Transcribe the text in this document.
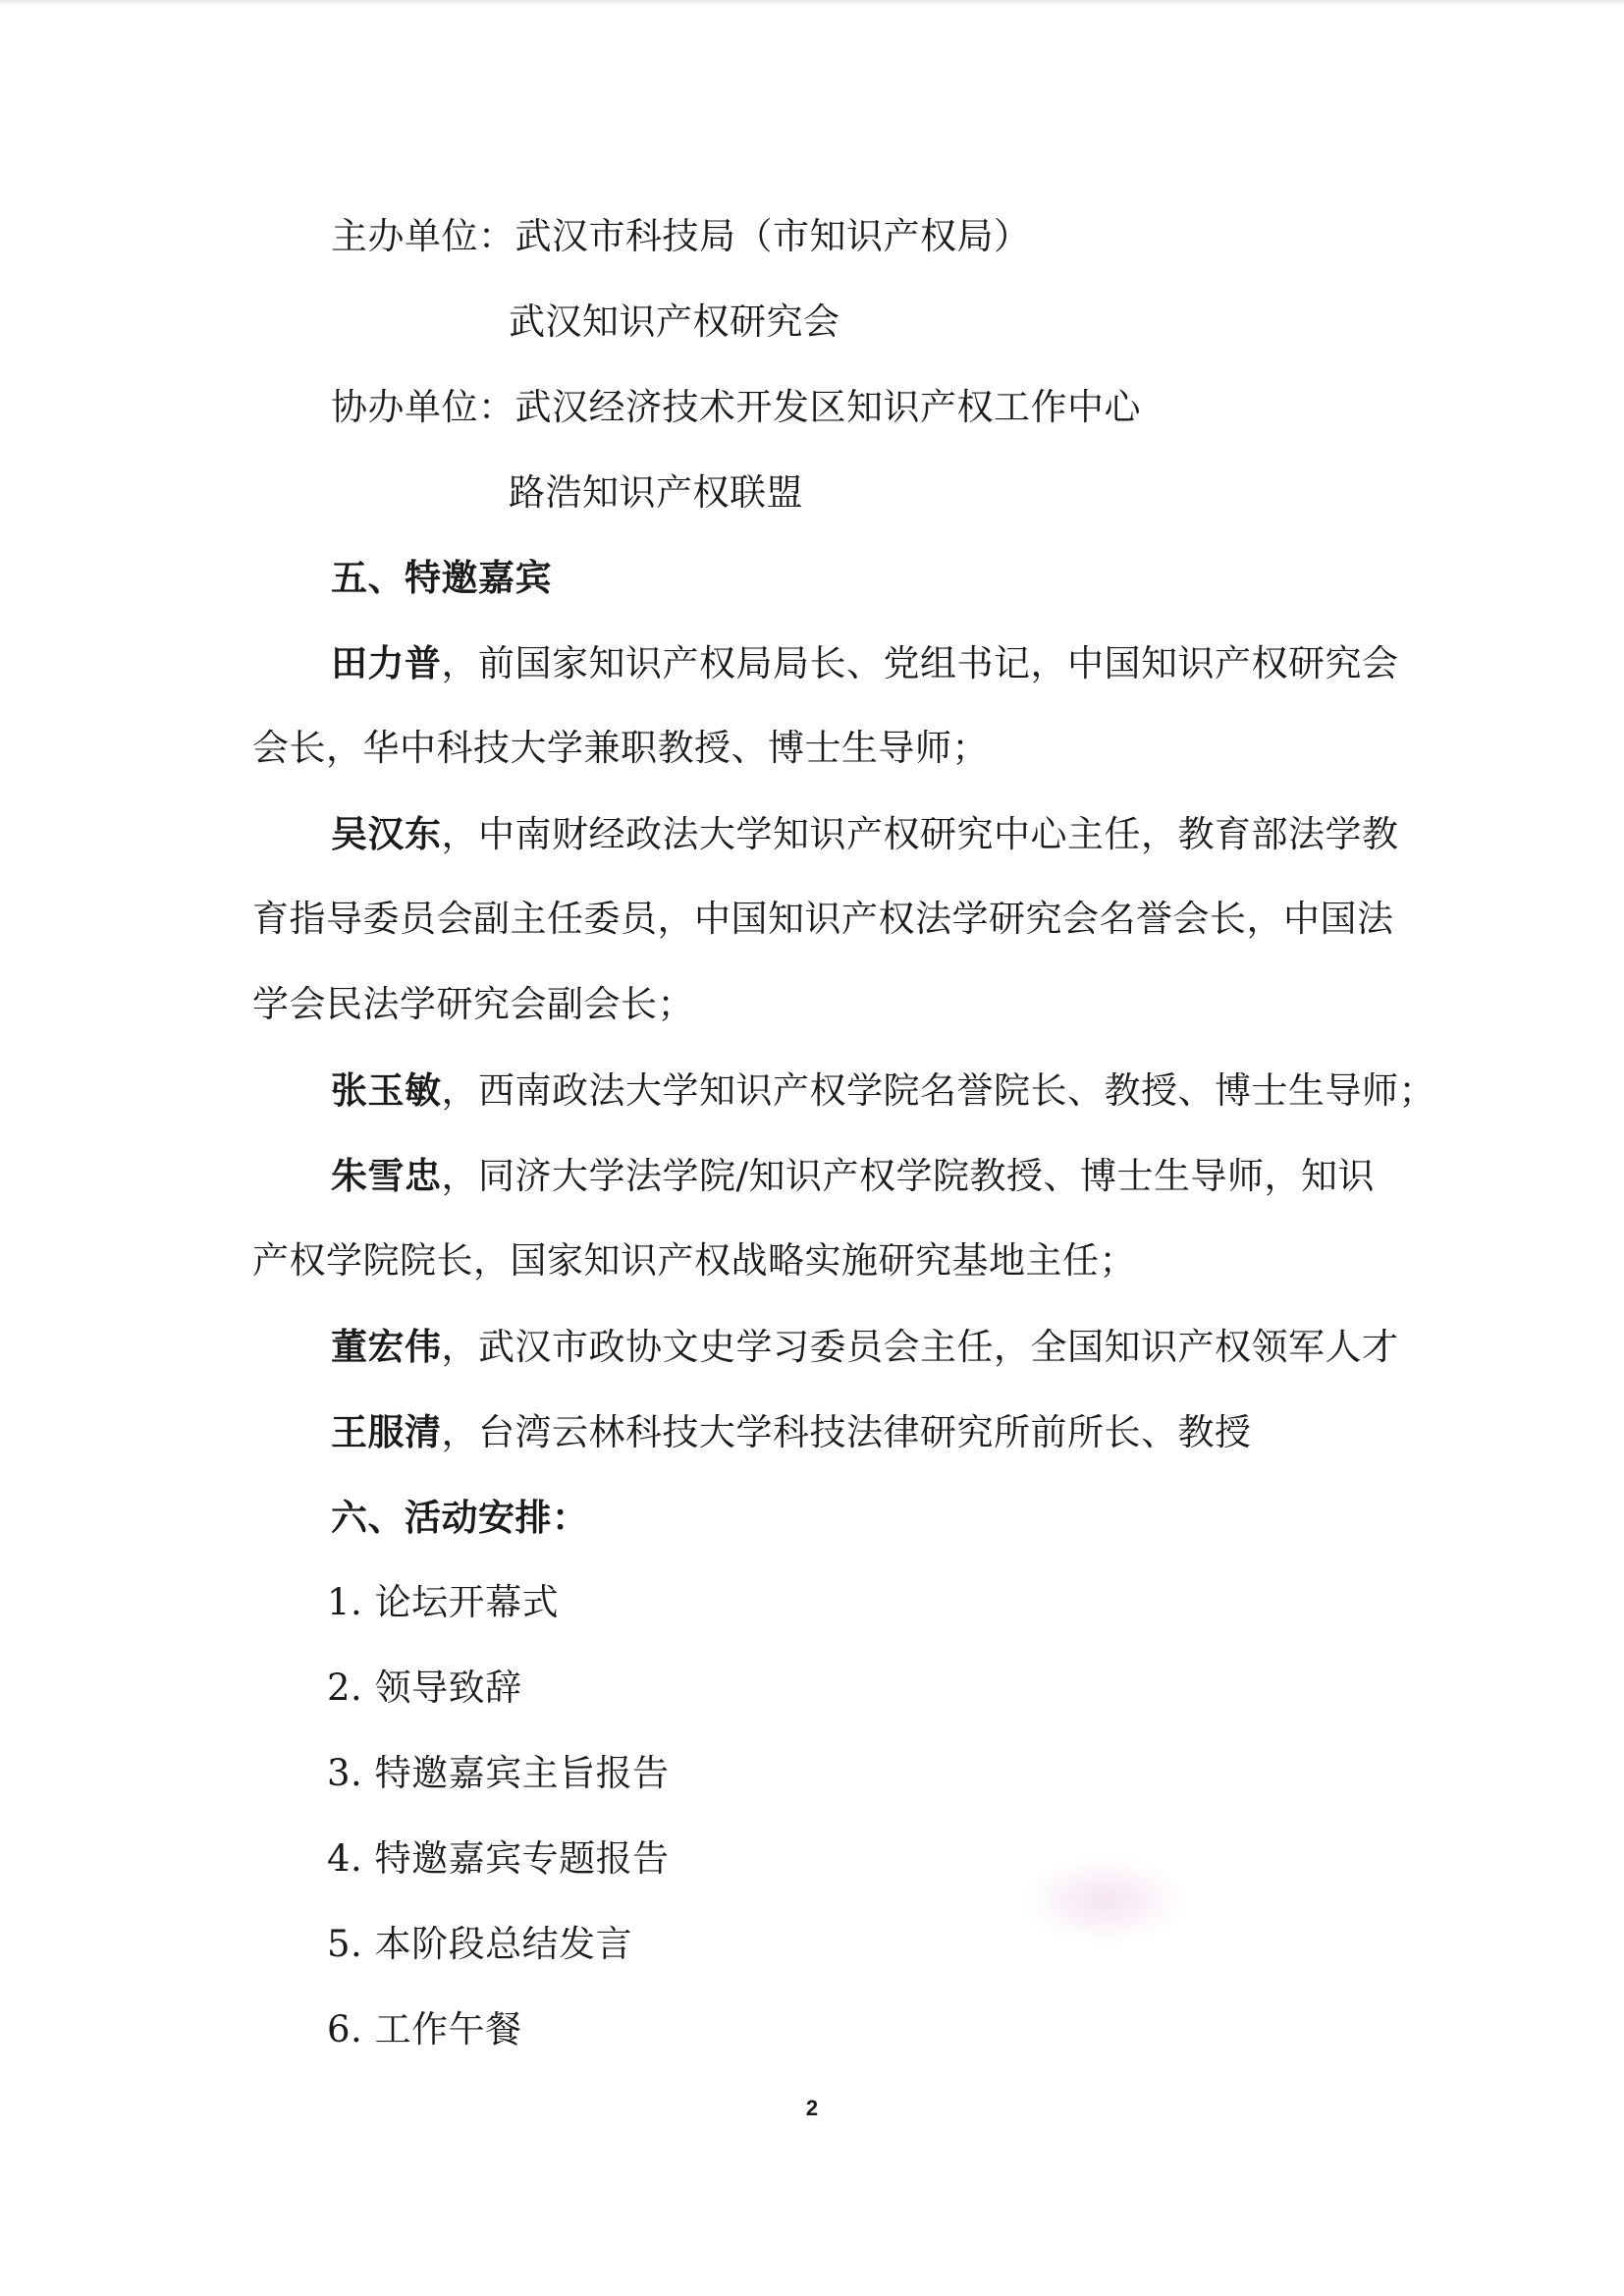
主办单位：武汉市科技局（市知识产权局）
武汉知识产权研究会
协办单位：武汉经济技术开发区知识产权工作中心
路浩知识产权联盟
五、特邀嘉宾
田力普，前国家知识产权局局长、党组书记，中国知识产权研究会
会长，华中科技大学兼职教授、博士生导师；
吴汉东，中南财经政法大学知识产权研究中心主任，教育部法学教
育指导委员会副主任委员，中国知识产权法学研究会名誉会长，中国法
学会民法学研究会副会长；
张玉敏，西南政法大学知识产权学院名誉院长、教授、博士生导师；
朱雪忠，同济大学法学院/知识产权学院教授、博士生导师，知识
产权学院院长，国家知识产权战略实施研究基地主任；
董宏伟，武汉市政协文史学习委员会主任，全国知识产权领军人才
王服清，台湾云林科技大学科技法律研究所前所长、教授
六、活动安排：
1. 论坛开幕式
2. 领导致辞
3. 特邀嘉宾主旨报告
4. 特邀嘉宾专题报告
5. 本阶段总结发言
6. 工作午餐
2
